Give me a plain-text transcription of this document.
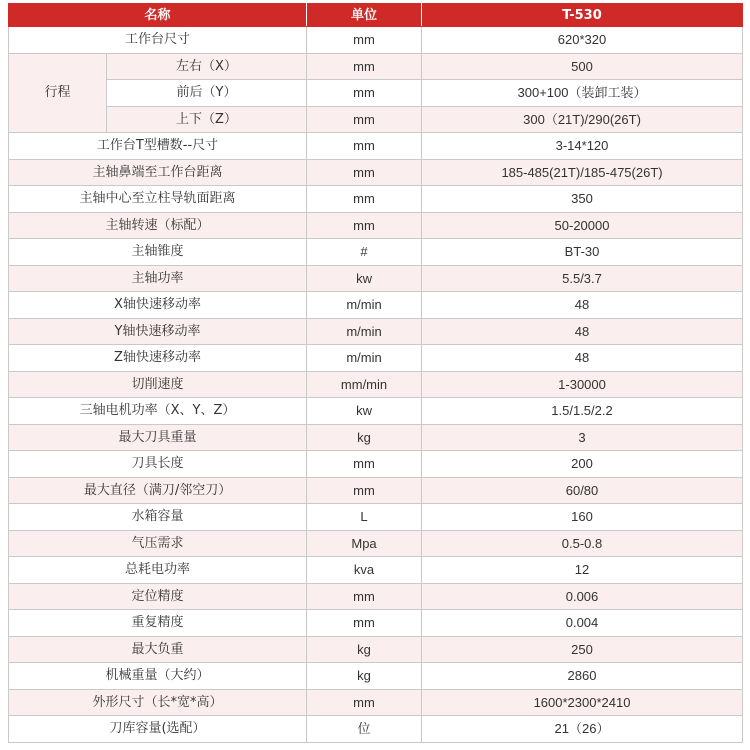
名称		单位	T-530
工作台尺寸		mm	620*320
行程	左右（X）	mm	500
	前后（Y）	mm	300+100（装卸工装）
	上下（Z）	mm	300（21T)/290(26T)
工作台T型槽数--尺寸		mm	3-14*120
主轴鼻端至工作台距离		mm	185-485(21T)/185-475(26T)
主轴中心至立柱导轨面距离		mm	350
主轴转速（标配）		mm	50-20000
主轴锥度		#	BT-30
主轴功率		kw	5.5/3.7
X轴快速移动率		m/min	48
Y轴快速移动率		m/min	48
Z轴快速移动率		m/min	48
切削速度		mm/min	1-30000
三轴电机功率（X、Y、Z）		kw	1.5/1.5/2.2
最大刀具重量		kg	3
刀具长度		mm	200
最大直径（满刀/邻空刀）		mm	60/80
水箱容量		L	160
气压需求		Mpa	0.5-0.8
总耗电功率		kva	12
定位精度		mm	0.006
重复精度		mm	0.004
最大负重		kg	250
机械重量（大约）		kg	2860
外形尺寸（长*宽*高）		mm	1600*2300*2410
刀库容量(选配）		位	21（26）
